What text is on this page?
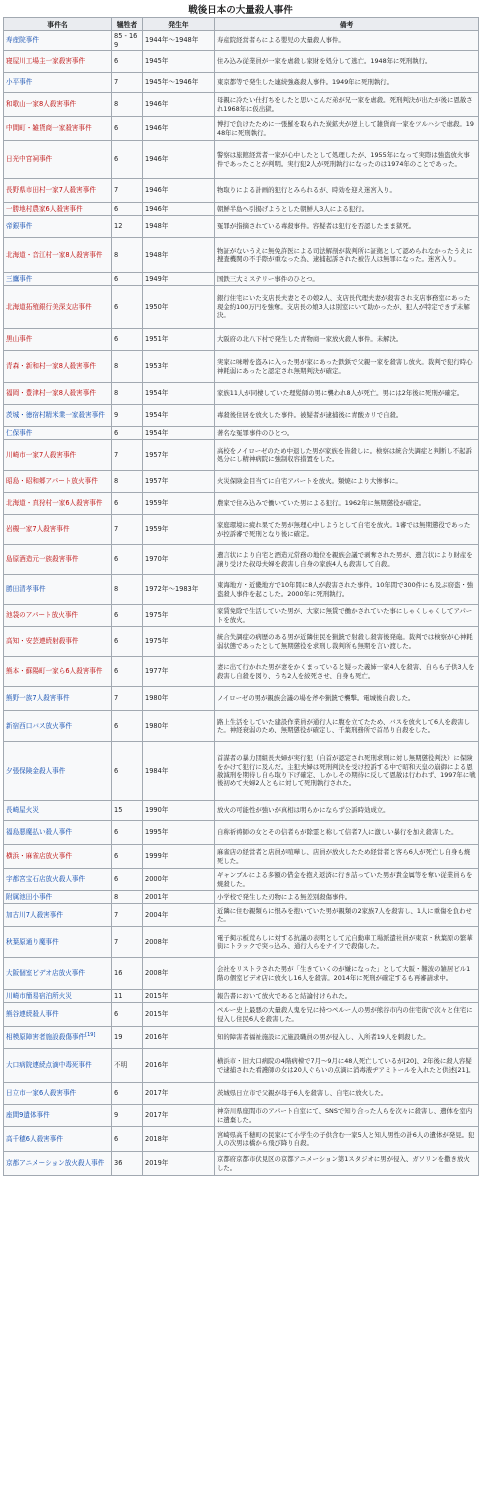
戦後日本の大量殺人事件
事件名	犠牲者	発生年	備考
寿産院事件	85 - 169	1944年〜1948年	寿産院経営者らによる嬰児の大量殺人事件。
寝屋川工場主一家殺害事件	6	1945年	住み込み従業員が一家を虐殺し家財を処分して逃亡。1948年に死刑執行。
小平事件	7	1945年〜1946年	東京都等で発生した連続強姦殺人事件。1949年に死刑執行。
和歌山一家8人殺害事件	8	1946年	母親に冷たい仕打ちをしたと思いこんだ弟が兄一家を虐殺。死刑判決が出たが後に恩赦され1968年に仮出獄。
中間町・雑貨商一家殺害事件	6	1946年	博打で負けたために一張羅を取られた炭鉱夫が逆上して雑貨商一家をツルハシで虐殺。1948年に死刑執行。
日光中宮祠事件	6	1946年	警察は旅館経営者一家が心中したとして処理したが、1955年になって実際は強盗放火事件であったことが判明。実行犯2人が死刑執行になったのは1974年のことであった。
長野県市田村一家7人殺害事件	7	1946年	物取りによる計画的犯行とみられるが、時効を迎え迷宮入り。
一勝地村農家6人殺害事件	6	1946年	朝鮮半島へ引揚げようとした朝鮮人3人による犯行。
帝銀事件	12	1948年	冤罪が指摘されている毒殺事件。容疑者は犯行を否認したまま獄死。
北海道・音江村一家8人殺害事件	8	1948年	物証がないうえに無免許医による司法解剖が裁判所に証拠として認められなかったうえに捜査機関の不手際が重なった為、逮捕起訴された被告人は無罪になった。迷宮入り。
三鷹事件	6	1949年	国鉄三大ミステリー事件のひとつ。
北海道拓殖銀行美深支店事件	6	1950年	銀行住宅にいた支店長夫妻とその娘2人、支店長代理夫妻が殺害され支店事務室にあった現金約100万円を強奪。支店長の娘3人は別室にいて助かったが、犯人が特定できず未解決。
黒山事件	6	1951年	大阪府の北八下村で発生した青物商一家放火殺人事件。未解決。
青森・新和村一家8人殺害事件	8	1953年	実家に味噌を盗みに入った男が家にあった鉄鋲で父親一家を殺害し放火。裁判で犯行時心神耗弱にあったと認定され無期判決が確定。
福岡・豊津村一家8人殺害事件	8	1954年	家族11人が同棲していた理髪師の男に襲われ8人が死亡。男には2年後に死刑が確定。
茨城・徳宿村精米業一家殺害事件	9	1954年	毒殺後住居を放火した事件。被疑者が逮捕後に青酸カリで自殺。
仁保事件	6	1954年	著名な冤罪事件のひとつ。
川崎市一家7人殺害事件	7	1957年	高校をノイローゼのため中退した男が家族を皆殺しに。検察は統合失調症と判断し不起訴処分にし精神病院に強制収容措置をした。
昭島・昭和郷アパート放火事件	8	1957年	火災保険金目当てに自宅アパートを放火。類焼により大惨事に。
北海道・真狩村一家6人殺害事件	6	1959年	農家で住み込みで働いていた男による犯行。1962年に無期懲役が確定。
岩槻一家7人殺害事件	7	1959年	家庭環境に疲れ果てた男が無理心中しようとして自宅を放火。1審では無期懲役であったが控訴審で死刑となり後に確定。
島原酒造元一族殺害事件	6	1970年	遺言状により自宅と酒造元常務の地位を親族会議で剥奪された男が、遺言状により財産を譲り受けた叔母夫婦を殺害し自身の家族4人も殺害して自殺。
勝田清孝事件	8	1972年〜1983年	東海地方・近畿地方で10年間に8人が殺害された事件。10年間で300件にも及ぶ窃盗・強盗殺人事件を起こした。2000年に死刑執行。
池袋のアパート放火事件	6	1975年	家賃免除で生活していた男が、大家に無賃で働かされていた事にしゃくしゃくしてアパートを放火。
高知・安芸連続射殺事件	6	1975年	統合失調症の病歴のある男が近隣住民を猟銃で射殺し殺害後発砲。裁判では検察が心神耗弱状態であったとして無期懲役を求刑し裁判所も無期を言い渡した。
熊本・蘇陽町一家ら6人殺害事件	6	1977年	妻に出て行かれた男が妻をかくまっていると疑った義姉一家4人を殺害、自らも子供3人を殺害し自殺を図り、うち2人を絞死させ、自身も死亡。
熊野一族7人殺害事件	7	1980年	ノイローゼの男が親族会議の場を斧や猟銃で襲撃。電城後自殺した。
新宿西口バス放火事件	6	1980年	路上生活をしていた建設作業員が通行人に腹を立てたため、バスを放火して6人を殺害した。神経衰弱のため、無期懲役が確定し、千葉刑務所で首吊り自殺をした。
夕張保険金殺人事件	6	1984年	首謀者の暴力団組長夫婦が実行犯（自首が認定され死刑求刑に対し無期懲役判決）に保険をかけて犯行に及んだ。主犯夫婦は死刑判決を受け控訴する中で昭和天皇の崩御による恩赦減刑を期待し自ら取り下げ確定、しかしその期待に反して恩赦は行われず、1997年に戦後初めて夫婦2人ともに対して死刑執行された。
長崎屋火災	15	1990年	放火の可能性が強いが真相は明らかにならず公訴時効成立。
福島悪魔払い殺人事件	6	1995年	自称祈祷師の女とその信者らが除霊と称して信者7人に激しい暴行を加え殺害した。
横浜・麻雀店放火事件	6	1999年	麻雀店の経営者と店員が喧嘩し、店員が放火したため経営者と客ら6人が死亡し自身も焼死した。
宇都宮宝石店放火殺人事件	6	2000年	ギャンブルによる多額の借金を抱え返済に行き詰っていた男が貴金属等を奪い従業員らを焼殺した。
附属池田小事件	8	2001年	小学校で発生した刃物による無差別殺傷事件。
加古川7人殺害事件	7	2004年	近隣に住む親類らに恨みを抱いていた男が親類の2家族7人を殺害し、1人に重傷を負わせた。
秋葉原通り魔事件	7	2008年	電子掲示板荒らしに対する抗議の表明として元自動車工場派遣社員が東京・秋葉原の繁華街にトラックで突っ込み、通行人らをナイフで殺傷した。
大阪個室ビデオ店放火事件	16	2008年	会社をリストラされた男が「生きていくのが嫌になった」として大阪・難波の雑居ビル1階の個室ビデオ店に放火し16人を殺害。2014年に死刑が確定するも再審請求中。
川崎市簡易宿泊所火災	11	2015年	報告書において放火であると結論付けられた。
熊谷連続殺人事件	6	2015年	ペルー史上最悪の大量殺人鬼を兄に持つペルー人の男が熊谷市内の住宅街で次々と住宅に侵入し住民6人を殺害した。
相模原障害者施設殺傷事件[19]	19	2016年	知的障害者福祉施設に元施設職員の男が侵入し、入所者19人を刺殺した。
大口病院連続点滴中毒死事件	不明	2016年	横浜市・旧大口病院の4階病棟で7月〜9月に48人死亡しているが[20]、2年後に殺人容疑で逮捕された看護師の女は20人ぐらいの点滴に消毒液ヂアミトールを入れたと供述[21]。
日立市一家6人殺害事件	6	2017年	茨城県日立市で父親が母子6人を殺害し、自宅に放火した。
座間9遺体事件	9	2017年	神奈川県座間市のアパート自室にて、SNSで知り合った人らを次々に殺害し、遺体を室内に遺棄した。
高千穂6人殺害事件	6	2018年	宮崎県高千穂町の民家にて小学生の子供含む一家5人と知人男性の計6人の遺体が発見。犯人の次男は橋から飛び降り自殺。
京都アニメーション放火殺人事件	36	2019年	京都府京都市伏見区の京都アニメーション第1スタジオに男が侵入、ガソリンを撒き放火した。
